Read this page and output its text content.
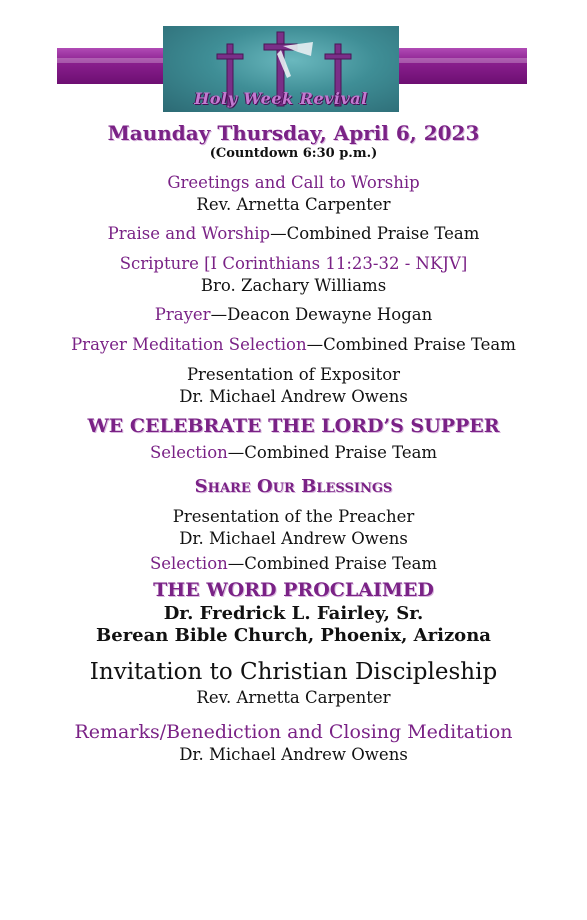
Holy Week Revival
Maunday Thursday, April 6, 2023
(Countdown 6:30 p.m.)
Greetings and Call to Worship
Rev. Arnetta Carpenter
Praise and Worship—Combined Praise Team
Scripture [I Corinthians 11:23-32 - NKJV]
Bro. Zachary Williams
Prayer—Deacon Dewayne Hogan
Prayer Meditation Selection—Combined Praise Team
Presentation of Expositor
Dr. Michael Andrew Owens
WE CELEBRATE THE LORD’S SUPPER
Selection—Combined Praise Team
Share Our Blessings
Presentation of the Preacher
Dr. Michael Andrew Owens
Selection—Combined Praise Team
THE WORD PROCLAIMED
Dr. Fredrick L. Fairley, Sr.
Berean Bible Church, Phoenix, Arizona
Invitation to Christian Discipleship
Rev. Arnetta Carpenter
Remarks/Benediction and Closing Meditation
Dr. Michael Andrew Owens
